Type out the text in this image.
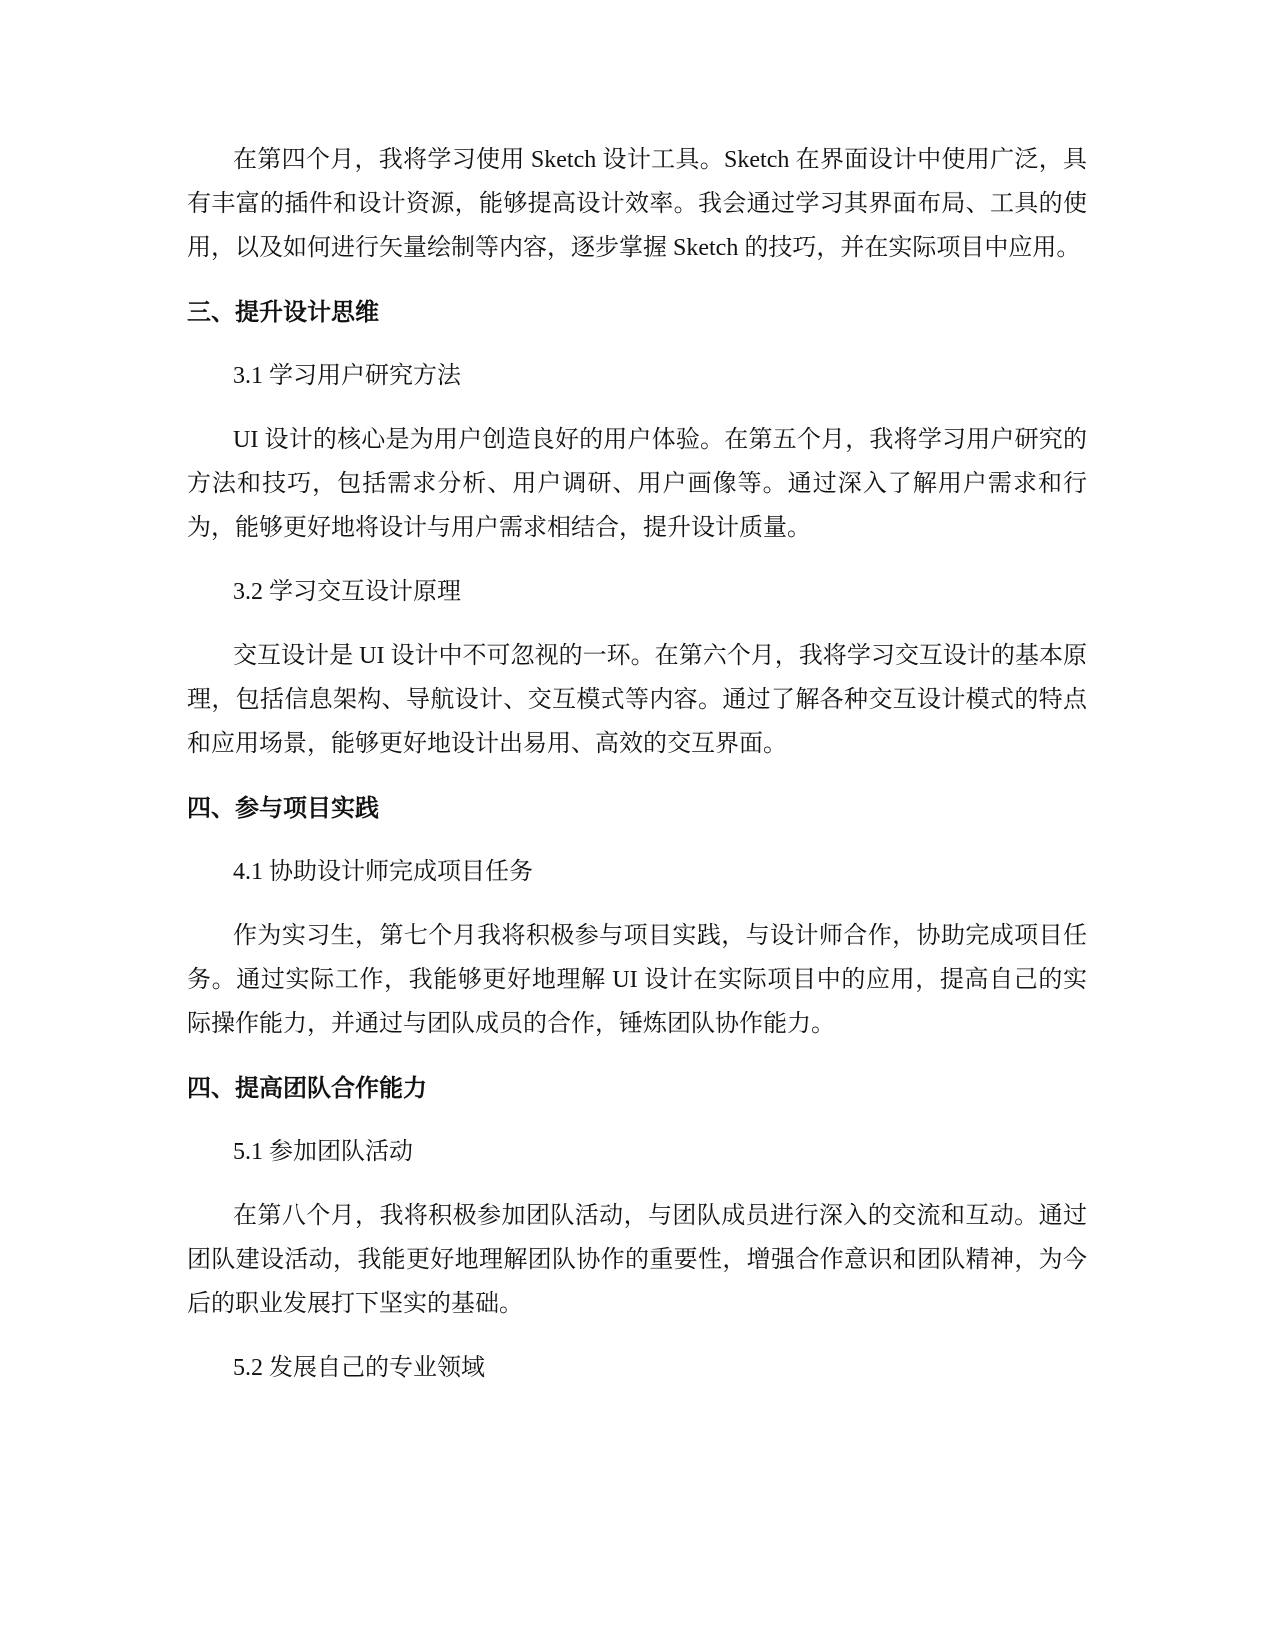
在第四个月，我将学习使用 Sketch 设计工具。Sketch 在界面设计中使用广泛，具有丰富的插件和设计资源，能够提高设计效率。我会通过学习其界面布局、工具的使用，以及如何进行矢量绘制等内容，逐步掌握 Sketch 的技巧，并在实际项目中应用。

三、提升设计思维

3.1 学习用户研究方法

UI 设计的核心是为用户创造良好的用户体验。在第五个月，我将学习用户研究的方法和技巧，包括需求分析、用户调研、用户画像等。通过深入了解用户需求和行为，能够更好地将设计与用户需求相结合，提升设计质量。

3.2 学习交互设计原理

交互设计是 UI 设计中不可忽视的一环。在第六个月，我将学习交互设计的基本原理，包括信息架构、导航设计、交互模式等内容。通过了解各种交互设计模式的特点和应用场景，能够更好地设计出易用、高效的交互界面。

四、参与项目实践

4.1 协助设计师完成项目任务

作为实习生，第七个月我将积极参与项目实践，与设计师合作，协助完成项目任务。通过实际工作，我能够更好地理解 UI 设计在实际项目中的应用，提高自己的实际操作能力，并通过与团队成员的合作，锤炼团队协作能力。

四、提高团队合作能力

5.1 参加团队活动

在第八个月，我将积极参加团队活动，与团队成员进行深入的交流和互动。通过团队建设活动，我能更好地理解团队协作的重要性，增强合作意识和团队精神，为今后的职业发展打下坚实的基础。

5.2 发展自己的专业领域
